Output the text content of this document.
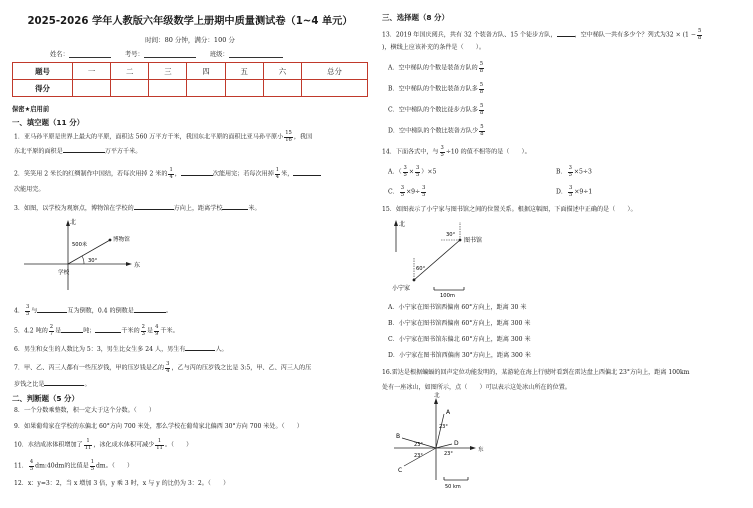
2025-2026 学年人教版六年级数学上册期中质量测试卷（1~4 单元）
时间：80 分钟，满分：100 分
姓名：	考号：	班级：
题号	一	二	三	四	五	六	总分
得分							
保密★启用前
一、填空题（11 分）
1．亚马孙平原是世界上最大的平原，面积达 560 万平方千米，我国东北平原的面积比亚马孙平原小 $\frac{15}{16}$ ，我国
东北平原的面积是	万平方千米。
2．笑笑用 2 米长的红绸制作中国结，若每次用掉 2 米的 $\frac{1}{4}$ ，	次能用完；若每次用掉 $\frac{1}{4}$ 米，
次能用完。
3．如图，以学校为观察点，博物馆在学校的	方向上，距离学校	米。
北
东
博物馆
学校
500米
30°
4． $\frac{3}{5}$ 与	互为倒数，0.4 的倒数是	。
5．4.2 吨的 $\frac{2}{7}$ 是	吨；	千米的 $\frac{2}{3}$ 是 $\frac{4}{9}$ 千米。
6．男生和女生的人数比为 5：3，男生比女生多 24 人，男生有	人。
7．甲、乙、丙三人都有一些压岁钱，甲的压岁钱是乙的 $\frac{3}{4}$ ，乙与丙的压岁钱之比是 3:5，甲、乙、丙三人的压
岁钱之比是	。
二、判断题（5 分）
8．一个分数乘整数，积一定大于这个分数。（　　）
9．如果葡萄家在学校的东偏北 60°方向 700 米处，那么学校在葡萄家北偏西 30°方向 700 米处。（　　）
10．水结成冰体积增加了 $\frac{1}{11}$ ，冰化成水体积可减少 $\frac{1}{11}$ 。（　　）
11． $\frac{4}{5}$ dm:40dm的比值是 $\frac{1}{5}$ dm。（　　）
12．x：y=3：2，当 x 增加 3 倍，y 乘 3 时，x 与 y 的比仍为 3：2。（　　）
三、选择题（8 分）
13．2019 年国庆阅兵，共有 32 个装备方队、15 个徒步方队，	，空中梯队一共有多少个？列式为$32 \times (1 - \frac{5}{8}$
)，横线上应该补充的条件是（　　）。
A．空中梯队的个数是装备方队的 $\frac{5}{8}$
B．空中梯队的个数比装备方队多 $\frac{5}{8}$
C．空中梯队的个数比徒步方队多 $\frac{5}{8}$
D．空中梯队的个数比装备方队少 $\frac{5}{8}$
14．下面各式中，与 $\frac{3}{5} \div 10$ 的值不相等的是（　　）。
A．（ $\frac{3}{5} \times \frac{3}{5} )\times 5$	B． $\frac{3}{5} \times 5\div 3$
C． $\frac{3}{5} \times 9\div \frac{3}{5}$	D． $\frac{3}{5} \times 9\div 1$
15．如图表示了小宁家与图书馆之间的位置关系。根据这幅图，下面描述中正确的是（　　）。
北
图书馆
小宁家
60°
30°
100m
A．小宁家在图书馆西偏南 60°方向上，距离 30 米
B．小宁家在图书馆西偏南 60°方向上，距离 300 米
C．小宁家在图书馆东偏北 60°方向上，距离 300 米
D．小宁家在图书馆西偏南 30°方向上，距离 300 米
16.雷达是根据蝙蝠的回声定位功能发明的，某游轮在海上行驶时看到在雷达盘上西偏北 23°方向上，距离 100km
处有一座冰山，如图所示，点（　　）可以表示这处冰山所在的位置。
北
东
A
B
C
D
23°
23°
23°	23°
50 km
